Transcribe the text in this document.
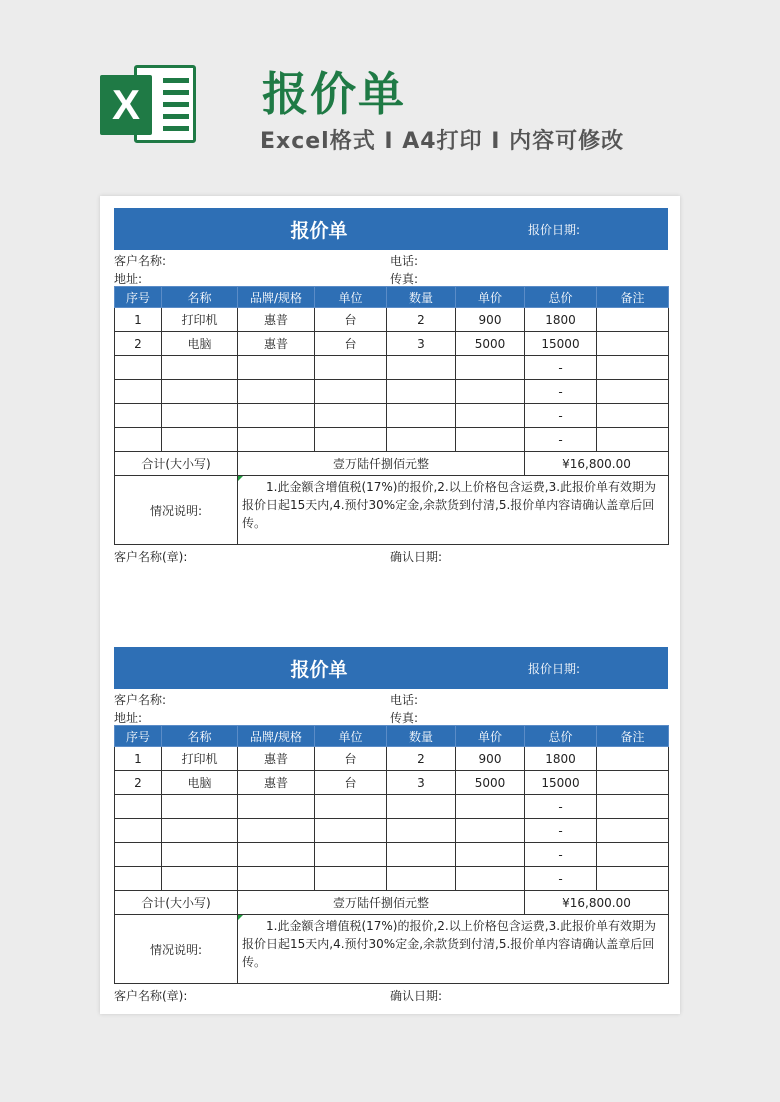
X	报价单
Excel格式 I A4打印 I 内容可修改
报价单	报价日期:
客户名称:	电话:
地址:	传真:
序号	名称	品牌/规格	单位	数量	单价	总价	备注
1	打印机	惠普	台	2	900	1800	
2	电脑	惠普	台	3	5000	15000	
						-	
						-	
						-	
						-	
合计(大小写)		壹万陆仟捌佰元整				¥16,800.00	
情况说明:		1.此金额含增值税(17%)的报价,2.以上价格包含运费,3.此报价单有效期为报价日起15天内,4.预付30%定金,余款货到付清,5.报价单内容请确认盖章后回传。					
客户名称(章):	确认日期:
报价单	报价日期:
客户名称:	电话:
地址:	传真:
序号	名称	品牌/规格	单位	数量	单价	总价	备注
1	打印机	惠普	台	2	900	1800	
2	电脑	惠普	台	3	5000	15000	
						-	
						-	
						-	
						-	
合计(大小写)		壹万陆仟捌佰元整				¥16,800.00	
情况说明:		1.此金额含增值税(17%)的报价,2.以上价格包含运费,3.此报价单有效期为报价日起15天内,4.预付30%定金,余款货到付清,5.报价单内容请确认盖章后回传。					
客户名称(章):	确认日期:
